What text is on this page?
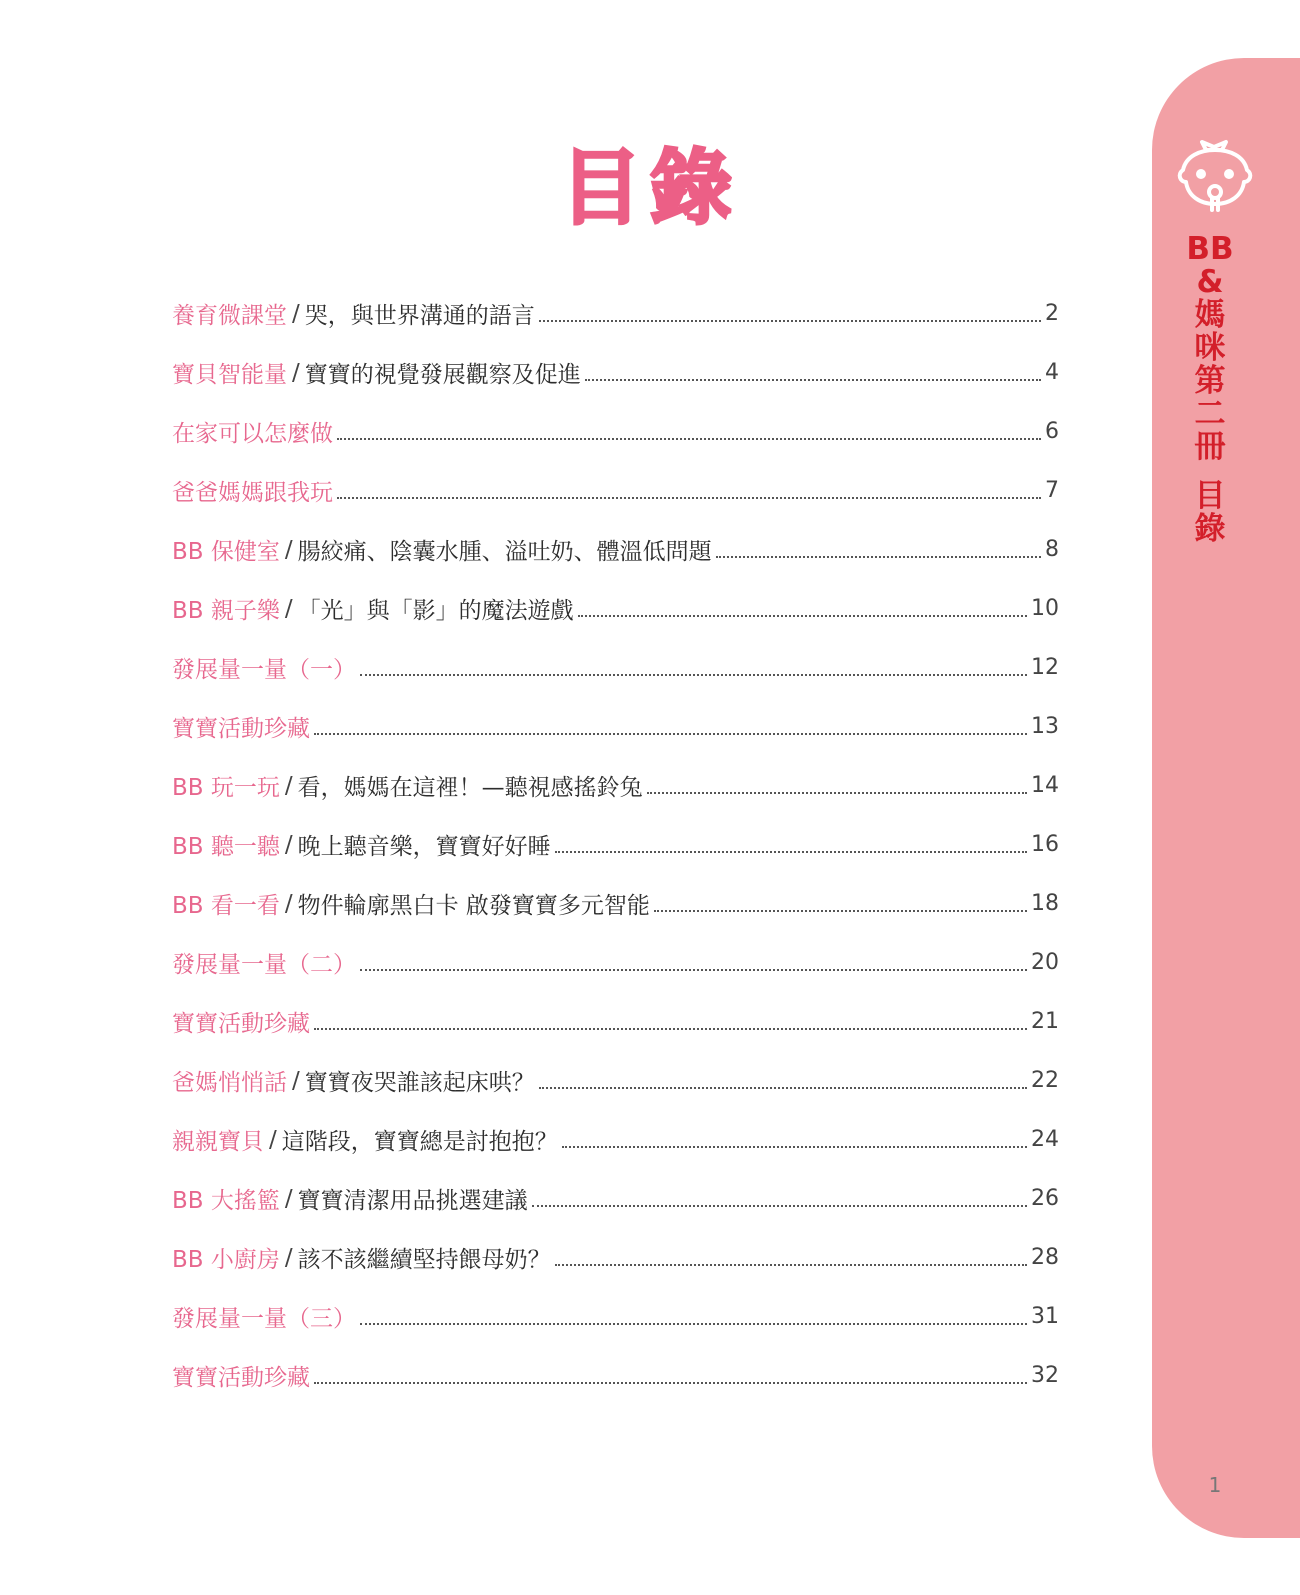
目錄
養育微課堂 / 哭，與世界溝通的語言	2
寶貝智能量 / 寶寶的視覺發展觀察及促進	4
在家可以怎麼做	6
爸爸媽媽跟我玩	7
BB 保健室 / 腸絞痛、陰囊水腫、溢吐奶、體溫低問題	8
BB 親子樂 / 「光」與「影」的魔法遊戲	10
發展量一量（一）	12
寶寶活動珍藏	13
BB 玩一玩 / 看，媽媽在這裡！—聽視感搖鈴兔	14
BB 聽一聽 / 晚上聽音樂，寶寶好好睡	16
BB 看一看 / 物件輪廓黑白卡 啟發寶寶多元智能	18
發展量一量（二）	20
寶寶活動珍藏	21
爸媽悄悄話 / 寶寶夜哭誰該起床哄？	22
親親寶貝 / 這階段，寶寶總是討抱抱？	24
BB 大搖籃 / 寶寶清潔用品挑選建議	26
BB 小廚房 / 該不該繼續堅持餵母奶？	28
發展量一量（三）	31
寶寶活動珍藏	32
BB
&
媽
咪
第
二
冊
目
錄
1
